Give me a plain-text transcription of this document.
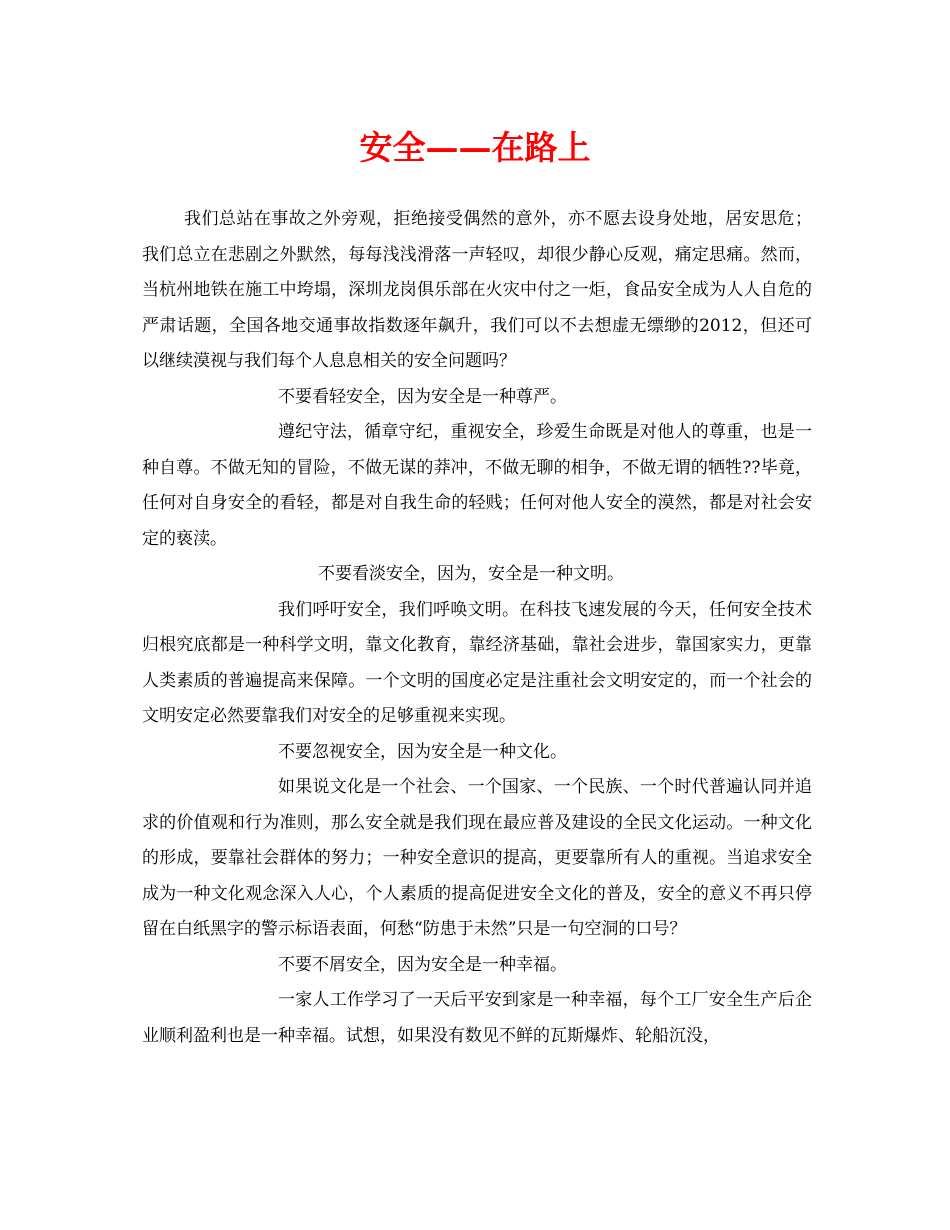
安全——在路上

我们总站在事故之外旁观，拒绝接受偶然的意外，亦不愿去设身处地，居安思危；我们总立在悲剧之外默然，每每浅浅滑落一声轻叹，却很少静心反观，痛定思痛。然而，当杭州地铁在施工中垮塌，深圳龙岗俱乐部在火灾中付之一炬，食品安全成为人人自危的严肃话题，全国各地交通事故指数逐年飙升，我们可以不去想虚无缥缈的2012，但还可以继续漠视与我们每个人息息相关的安全问题吗？

不要看轻安全，因为安全是一种尊严。

遵纪守法，循章守纪，重视安全，珍爱生命既是对他人的尊重，也是一种自尊。不做无知的冒险，不做无谋的莽冲，不做无聊的相争，不做无谓的牺牲??毕竟，任何对自身安全的看轻，都是对自我生命的轻贱；任何对他人安全的漠然，都是对社会安定的亵渎。

不要看淡安全，因为，安全是一种文明。

我们呼吁安全，我们呼唤文明。在科技飞速发展的今天，任何安全技术归根究底都是一种科学文明，靠文化教育，靠经济基础，靠社会进步，靠国家实力，更靠人类素质的普遍提高来保障。一个文明的国度必定是注重社会文明安定的，而一个社会的文明安定必然要靠我们对安全的足够重视来实现。

不要忽视安全，因为安全是一种文化。

如果说文化是一个社会、一个国家、一个民族、一个时代普遍认同并追求的价值观和行为准则，那么安全就是我们现在最应普及建设的全民文化运动。一种文化的形成，要靠社会群体的努力；一种安全意识的提高，更要靠所有人的重视。当追求安全成为一种文化观念深入人心，个人素质的提高促进安全文化的普及，安全的意义不再只停留在白纸黑字的警示标语表面，何愁“防患于未然”只是一句空洞的口号？

不要不屑安全，因为安全是一种幸福。

一家人工作学习了一天后平安到家是一种幸福，每个工厂安全生产后企业顺利盈利也是一种幸福。试想，如果没有数见不鲜的瓦斯爆炸、轮船沉没，
